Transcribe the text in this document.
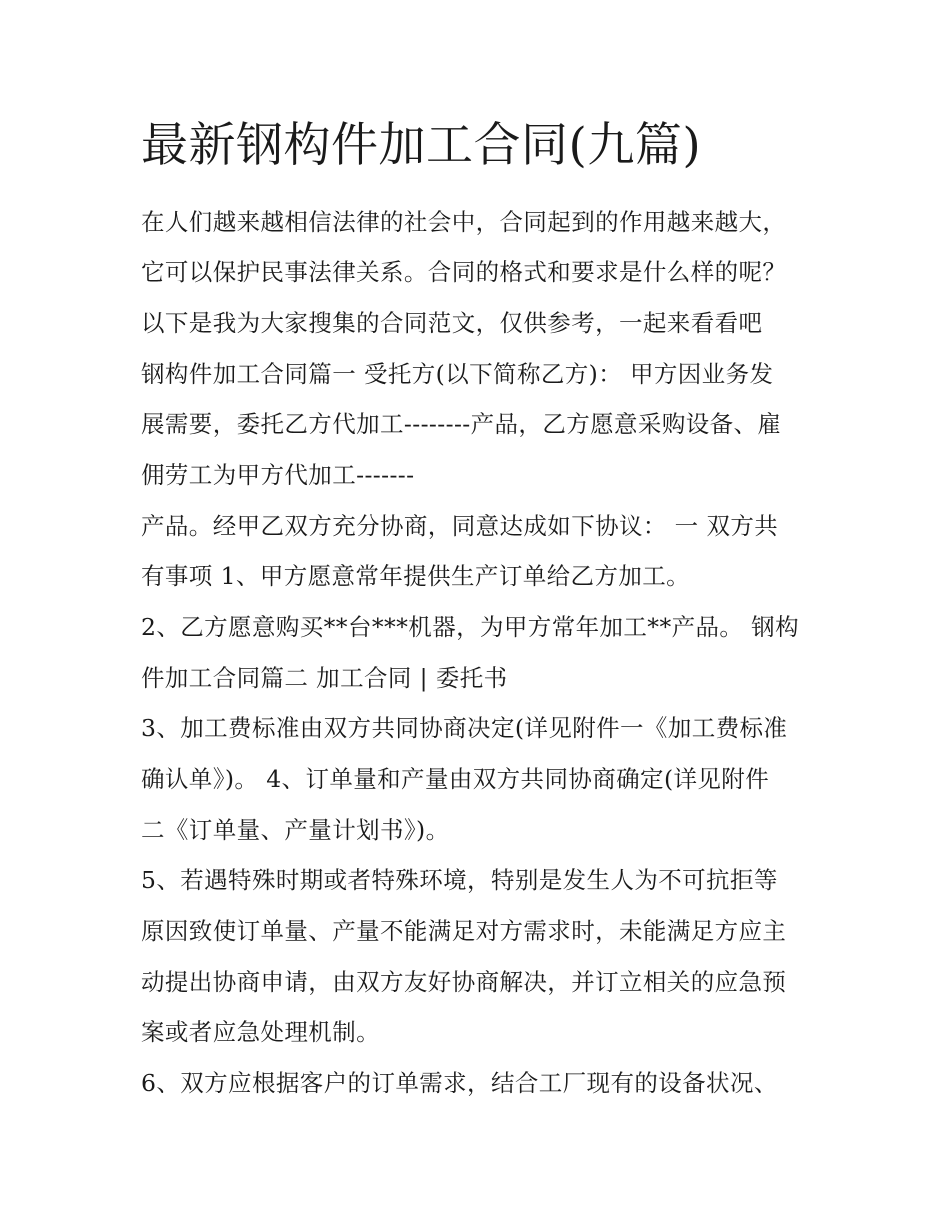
最新钢构件加工合同(九篇)
在人们越来越相信法律的社会中，合同起到的作用越来越大，
它可以保护民事法律关系。合同的格式和要求是什么样的呢？
以下是我为大家搜集的合同范文，仅供参考，一起来看看吧
钢构件加工合同篇一 受托方(以下简称乙方)： 甲方因业务发
展需要，委托乙方代加工--------产品，乙方愿意采购设备、雇
佣劳工为甲方代加工-------
产品。经甲乙双方充分协商，同意达成如下协议： 一 双方共
有事项 1、甲方愿意常年提供生产订单给乙方加工。
2、乙方愿意购买**台***机器，为甲方常年加工**产品。 钢构
件加工合同篇二 加工合同 | 委托书
3、加工费标准由双方共同协商决定(详见附件一《加工费标准
确认单》)。 4、订单量和产量由双方共同协商确定(详见附件
二《订单量、产量计划书》)。
5、若遇特殊时期或者特殊环境，特别是发生人为不可抗拒等
原因致使订单量、产量不能满足对方需求时，未能满足方应主
动提出协商申请，由双方友好协商解决，并订立相关的应急预
案或者应急处理机制。
6、双方应根据客户的订单需求，结合工厂现有的设备状况、
